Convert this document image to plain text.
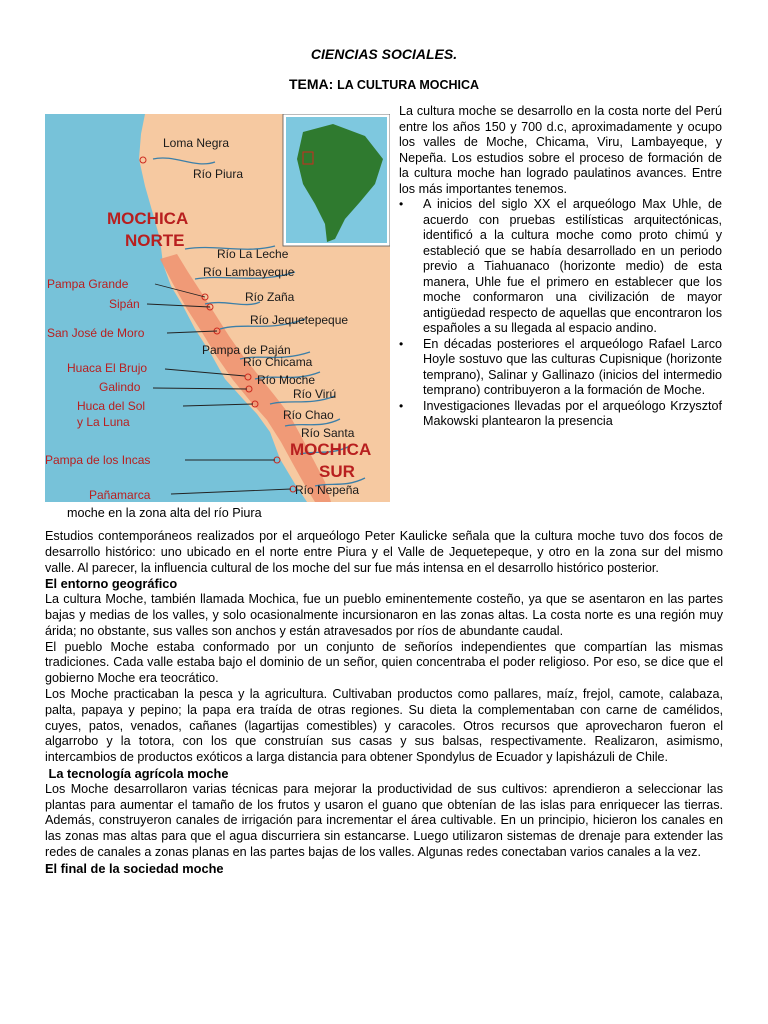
CIENCIAS SOCIALES.

TEMA: LA CULTURA MOCHICA

Loma Negra
Río Piura
MOCHICA
NORTE
Río La Leche
Río Lambayeque
Pampa Grande
Sipán	Río Zaña
Río Jequetepeque
San José de Moro
Pampa de Paján
Río Chicama
Huaca El Brujo
Río Moche
Galindo	Río Virú
Huca del Sol
y La Luna	Río Chao
Río Santa
MOCHICA
SUR
Pampa de los Incas
Pañamarca	Río Nepeña

La cultura moche se desarrollo en la costa norte del Perú entre los años 150 y 700 d.c, aproximadamente y ocupo los valles de Moche, Chicama, Viru, Lambayeque, y Nepeña. Los estudios sobre el proceso de formación de la cultura moche han logrado paulatinos avances. Entre los más importantes tenemos.

• A inicios del siglo XX el arqueólogo Max Uhle, de acuerdo con pruebas estilísticas arquitectónicas, identificó a la cultura moche como proto chimú y estableció que se había desarrollado en un periodo previo a Tiahuanaco (horizonte medio) de esta manera, Uhle fue el primero en establecer que los moche conformaron una civilización de mayor antigüedad respecto de aquellas que encontraron los españoles a su llegada al espacio andino.
• En décadas posteriores el arqueólogo Rafael Larco Hoyle sostuvo que las culturas Cupisnique (horizonte temprano), Salinar y Gallinazo (inicios del intermedio temprano) contribuyeron a la formación de Moche.
• Investigaciones llevadas por el arqueólogo Krzysztof Makowski plantearon la presencia
moche en la zona alta del río Piura

Estudios contemporáneos realizados por el arqueólogo Peter Kaulicke señala que la cultura moche tuvo dos focos de desarrollo histórico: uno ubicado en el norte entre Piura y el Valle de Jequetepeque, y otro en la zona sur del mismo valle. Al parecer, la influencia cultural de los moche del sur fue más intensa en el desarrollo histórico posterior.

El entorno geográfico

La cultura Moche, también llamada Mochica, fue un pueblo eminentemente costeño, ya que se asentaron en las partes bajas y medias de los valles, y solo ocasionalmente incursionaron en las zonas altas. La costa norte es una región muy árida; no obstante, sus valles son anchos y están atravesados por ríos de abundante caudal.

El pueblo Moche estaba conformado por un conjunto de señoríos independientes que compartían las mismas tradiciones. Cada valle estaba bajo el dominio de un señor, quien concentraba el poder religioso. Por eso, se dice que el gobierno Moche era teocrático.

Los Moche practicaban la pesca y la agricultura. Cultivaban productos como pallares, maíz, frejol, camote, calabaza, palta, papaya y pepino; la papa era traída de otras regiones. Su dieta la complementaban con carne de camélidos, cuyes, patos, venados, cañanes (lagartijas comestibles) y caracoles. Otros recursos que aprovecharon fueron el algarrobo y la totora, con los que construían sus casas y sus balsas, respectivamente. Realizaron, asimismo, intercambios de productos exóticos a larga distancia para obtener Spondylus de Ecuador y lapisházuli de Chile.

La tecnología agrícola moche

Los Moche desarrollaron varias técnicas para mejorar la productividad de sus cultivos: aprendieron a seleccionar las plantas para aumentar el tamaño de los frutos y usaron el guano que obtenían de las islas para enriquecer las tierras. Además, construyeron canales de irrigación para incrementar el área cultivable. En un principio, hicieron los canales en las zonas mas altas para que el agua discurriera sin estancarse. Luego utilizaron sistemas de drenaje para extender las redes de canales a zonas planas en las partes bajas de los valles. Algunas redes conectaban varios canales a la vez.

El final de la sociedad moche
